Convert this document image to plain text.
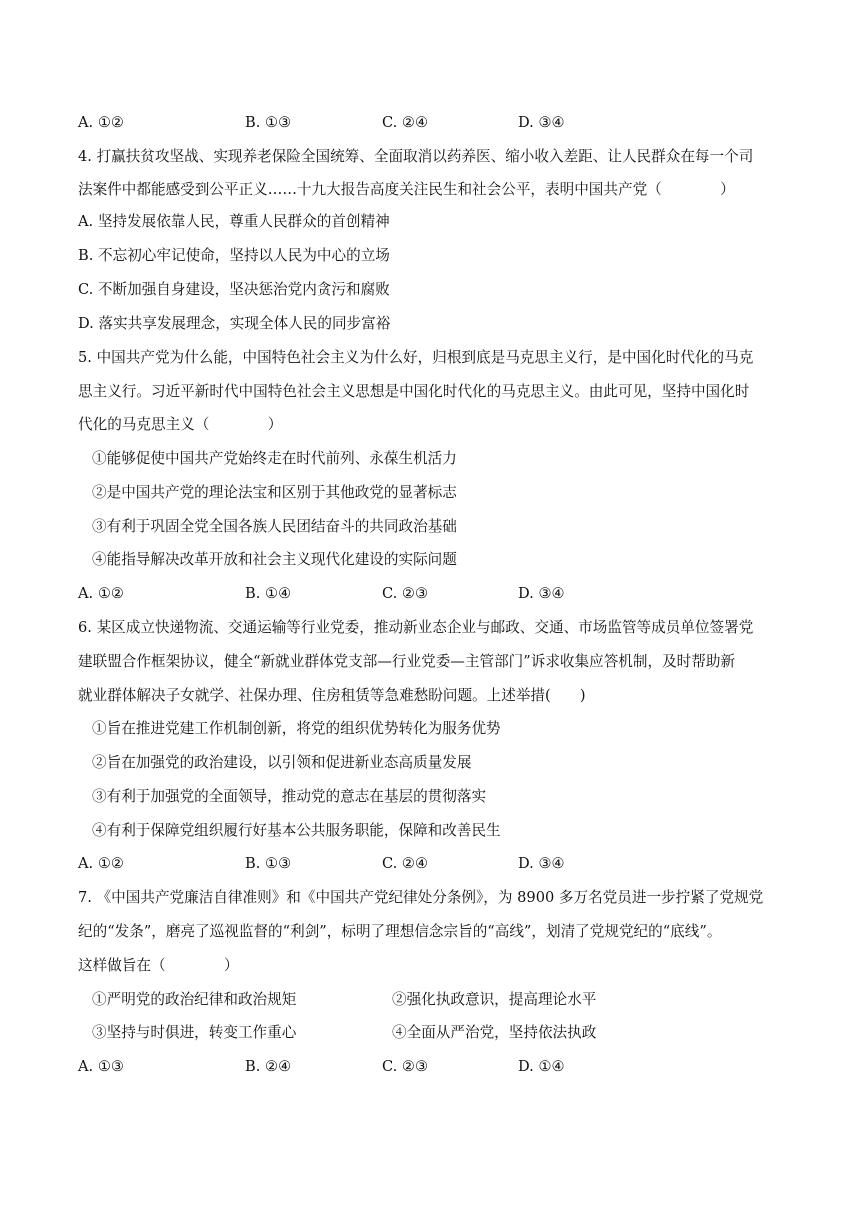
A. ①②	B. ①③	C. ②④	D. ③④
4. 打赢扶贫攻坚战、实现养老保险全国统筹、全面取消以药养医、缩小收入差距、让人民群众在每一个司
法案件中都能感受到公平正义……十九大报告高度关注民生和社会公平，表明中国共产党（　　　　）
A. 坚持发展依靠人民，尊重人民群众的首创精神
B. 不忘初心牢记使命，坚持以人民为中心的立场
C. 不断加强自身建设，坚决惩治党内贪污和腐败
D. 落实共享发展理念，实现全体人民的同步富裕
5. 中国共产党为什么能，中国特色社会主义为什么好，归根到底是马克思主义行，是中国化时代化的马克
思主义行。习近平新时代中国特色社会主义思想是中国化时代化的马克思主义。由此可见，坚持中国化时
代化的马克思主义（　　　　）
①能够促使中国共产党始终走在时代前列、永葆生机活力
②是中国共产党的理论法宝和区别于其他政党的显著标志
③有利于巩固全党全国各族人民团结奋斗的共同政治基础
④能指导解决改革开放和社会主义现代化建设的实际问题
A. ①②	B. ①④	C. ②③	D. ③④
6. 某区成立快递物流、交通运输等行业党委，推动新业态企业与邮政、交通、市场监管等成员单位签署党
建联盟合作框架协议，健全“新就业群体党支部—行业党委—主管部门”诉求收集应答机制，及时帮助新
就业群体解决子女就学、社保办理、住房租赁等急难愁盼问题。上述举措(　　)
①旨在推进党建工作机制创新，将党的组织优势转化为服务优势
②旨在加强党的政治建设，以引领和促进新业态高质量发展
③有利于加强党的全面领导，推动党的意志在基层的贯彻落实
④有利于保障党组织履行好基本公共服务职能，保障和改善民生
A. ①②	B. ①③	C. ②④	D. ③④
7. 《中国共产党廉洁自律准则》和《中国共产党纪律处分条例》，为 8900 多万名党员进一步拧紧了党规党
纪的“发条”，磨亮了巡视监督的“利剑”，标明了理想信念宗旨的“高线”，划清了党规党纪的“底线”。
这样做旨在（　　　　）
①严明党的政治纪律和政治规矩	②强化执政意识，提高理论水平
③坚持与时俱进，转变工作重心	④全面从严治党，坚持依法执政
A. ①③	B. ②④	C. ②③	D. ①④
